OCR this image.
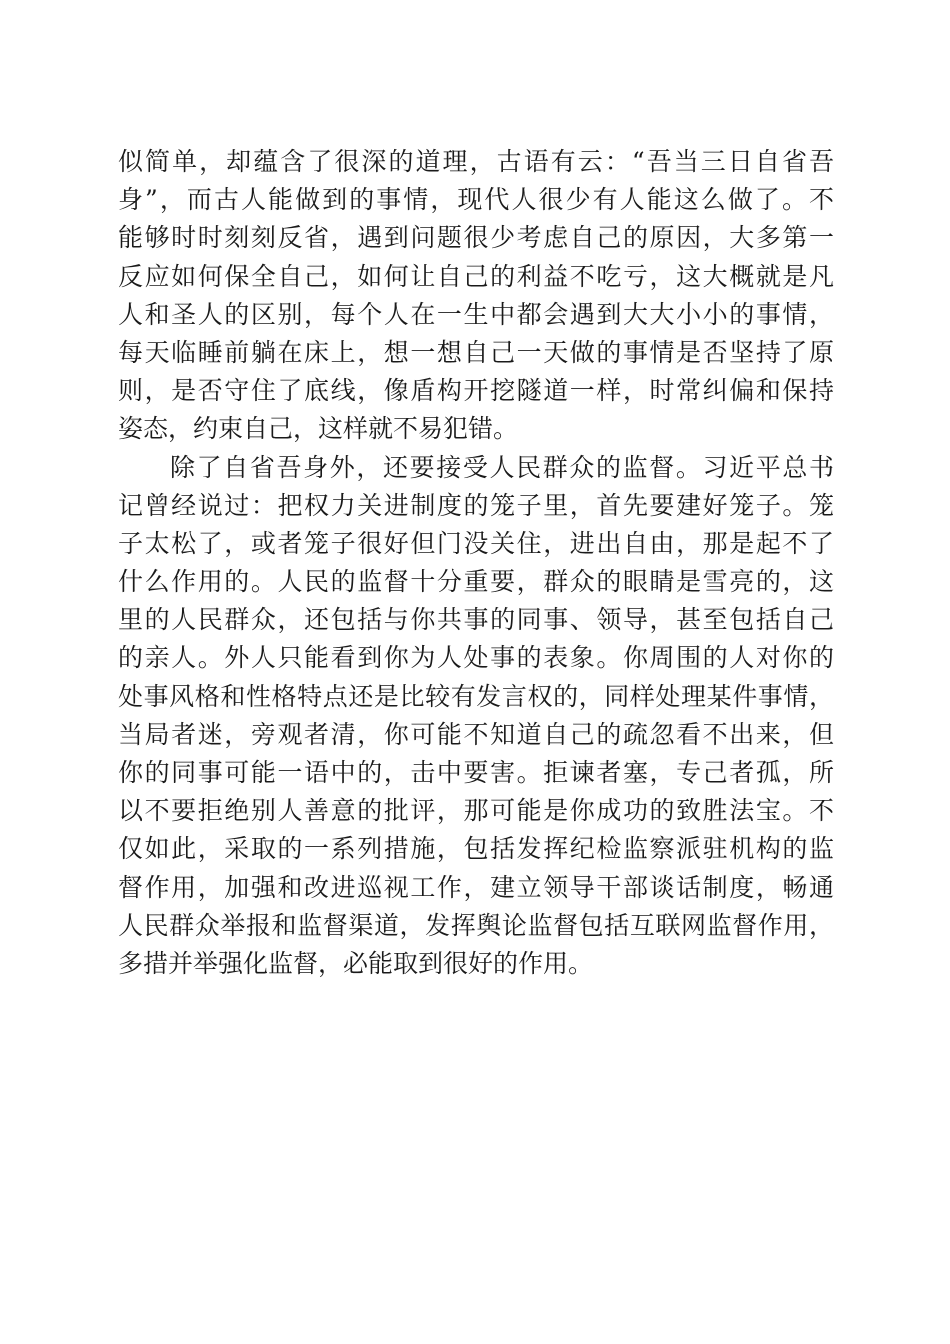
似简单，却蕴含了很深的道理，古语有云：“吾当三日自省吾
身”，而古人能做到的事情，现代人很少有人能这么做了。不
能够时时刻刻反省，遇到问题很少考虑自己的原因，大多第一
反应如何保全自己，如何让自己的利益不吃亏，这大概就是凡
人和圣人的区别，每个人在一生中都会遇到大大小小的事情，
每天临睡前躺在床上，想一想自己一天做的事情是否坚持了原
则，是否守住了底线，像盾构开挖隧道一样，时常纠偏和保持
姿态，约束自己，这样就不易犯错。
除了自省吾身外，还要接受人民群众的监督。习近平总书
记曾经说过：把权力关进制度的笼子里，首先要建好笼子。笼
子太松了，或者笼子很好但门没关住，进出自由，那是起不了
什么作用的。人民的监督十分重要，群众的眼睛是雪亮的，这
里的人民群众，还包括与你共事的同事、领导，甚至包括自己
的亲人。外人只能看到你为人处事的表象。你周围的人对你的
处事风格和性格特点还是比较有发言权的，同样处理某件事情，
当局者迷，旁观者清，你可能不知道自己的疏忽看不出来，但
你的同事可能一语中的，击中要害。拒谏者塞，专己者孤，所
以不要拒绝别人善意的批评，那可能是你成功的致胜法宝。不
仅如此，采取的一系列措施，包括发挥纪检监察派驻机构的监
督作用，加强和改进巡视工作，建立领导干部谈话制度，畅通
人民群众举报和监督渠道，发挥舆论监督包括互联网监督作用，
多措并举强化监督，必能取到很好的作用。
